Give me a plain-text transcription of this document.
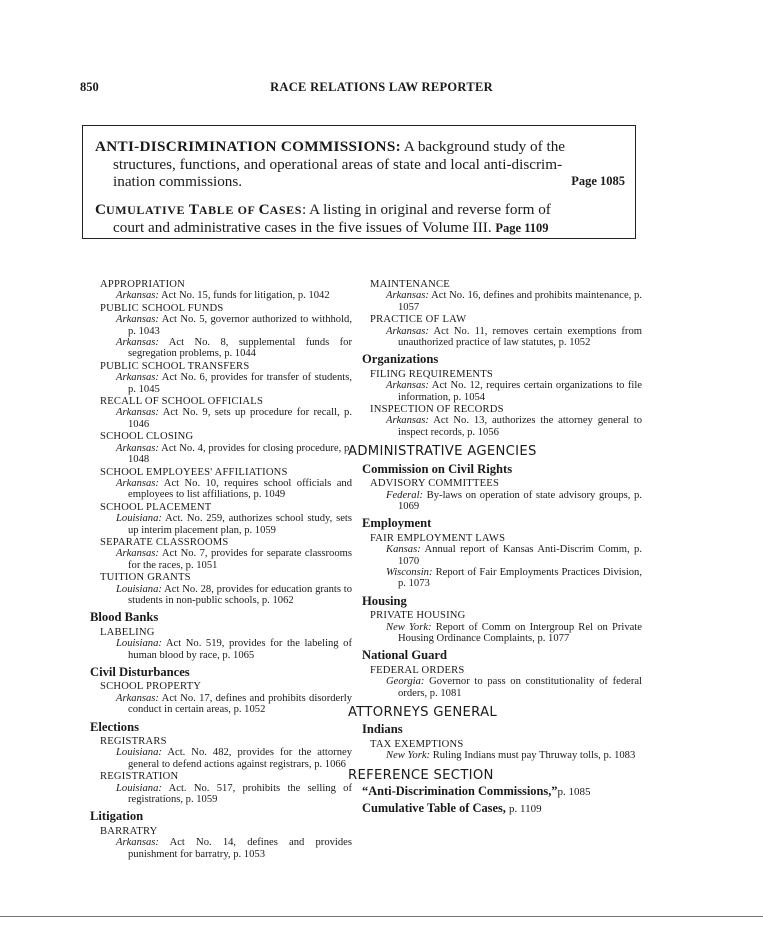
850	RACE RELATIONS LAW REPORTER

ANTI-DISCRIMINATION COMMISSIONS: A background study of the
structures, functions, and operational areas of state and local anti-discrim-
ination commissions.	Page 1085

CUMULATIVE TABLE OF CASES: A listing in original and reverse form of
court and administrative cases in the five issues of Volume III. Page 1109

APPROPRIATION
Arkansas: Act No. 15, funds for litigation, p. 1042
PUBLIC SCHOOL FUNDS
Arkansas: Act No. 5, governor authorized to withhold, p. 1043
Arkansas: Act No. 8, supplemental funds for segregation problems, p. 1044
PUBLIC SCHOOL TRANSFERS
Arkansas: Act No. 6, provides for transfer of students, p. 1045
RECALL OF SCHOOL OFFICIALS
Arkansas: Act No. 9, sets up procedure for recall, p. 1046
SCHOOL CLOSING
Arkansas: Act No. 4, provides for closing procedure, p. 1048
SCHOOL EMPLOYEES' AFFILIATIONS
Arkansas: Act No. 10, requires school officials and employees to list affiliations, p. 1049
SCHOOL PLACEMENT
Louisiana: Act. No. 259, authorizes school study, sets up interim placement plan, p. 1059
SEPARATE CLASSROOMS
Arkansas: Act No. 7, provides for separate classrooms for the races, p. 1051
TUITION GRANTS
Louisiana: Act No. 28, provides for education grants to students in non-public schools, p. 1062
Blood Banks
LABELING
Louisiana: Act No. 519, provides for the labeling of human blood by race, p. 1065
Civil Disturbances
SCHOOL PROPERTY
Arkansas: Act No. 17, defines and prohibits disorderly conduct in certain areas, p. 1052
Elections
REGISTRARS
Louisiana: Act. No. 482, provides for the attorney general to defend actions against registrars, p. 1066
REGISTRATION
Louisiana: Act. No. 517, prohibits the selling of registrations, p. 1059
Litigation
BARRATRY
Arkansas: Act No. 14, defines and provides punishment for barratry, p. 1053
MAINTENANCE
Arkansas: Act No. 16, defines and prohibits maintenance, p. 1057
PRACTICE OF LAW
Arkansas: Act No. 11, removes certain exemptions from unauthorized practice of law statutes, p. 1052
Organizations
FILING REQUIREMENTS
Arkansas: Act No. 12, requires certain organizations to file information, p. 1054
INSPECTION OF RECORDS
Arkansas: Act No. 13, authorizes the attorney general to inspect records, p. 1056
ADMINISTRATIVE AGENCIES
Commission on Civil Rights
ADVISORY COMMITTEES
Federal: By-laws on operation of state advisory groups, p. 1069
Employment
FAIR EMPLOYMENT LAWS
Kansas: Annual report of Kansas Anti-Discrim Comm, p. 1070
Wisconsin: Report of Fair Employments Practices Division, p. 1073
Housing
PRIVATE HOUSING
New York: Report of Comm on Intergroup Rel on Private Housing Ordinance Complaints, p. 1077
National Guard
FEDERAL ORDERS
Georgia: Governor to pass on constitutionality of federal orders, p. 1081
ATTORNEYS GENERAL
Indians
TAX EXEMPTIONS
New York: Ruling Indians must pay Thruway tolls, p. 1083
REFERENCE SECTION
“Anti-Discrimination Commissions,”p. 1085
Cumulative Table of Cases, p. 1109
